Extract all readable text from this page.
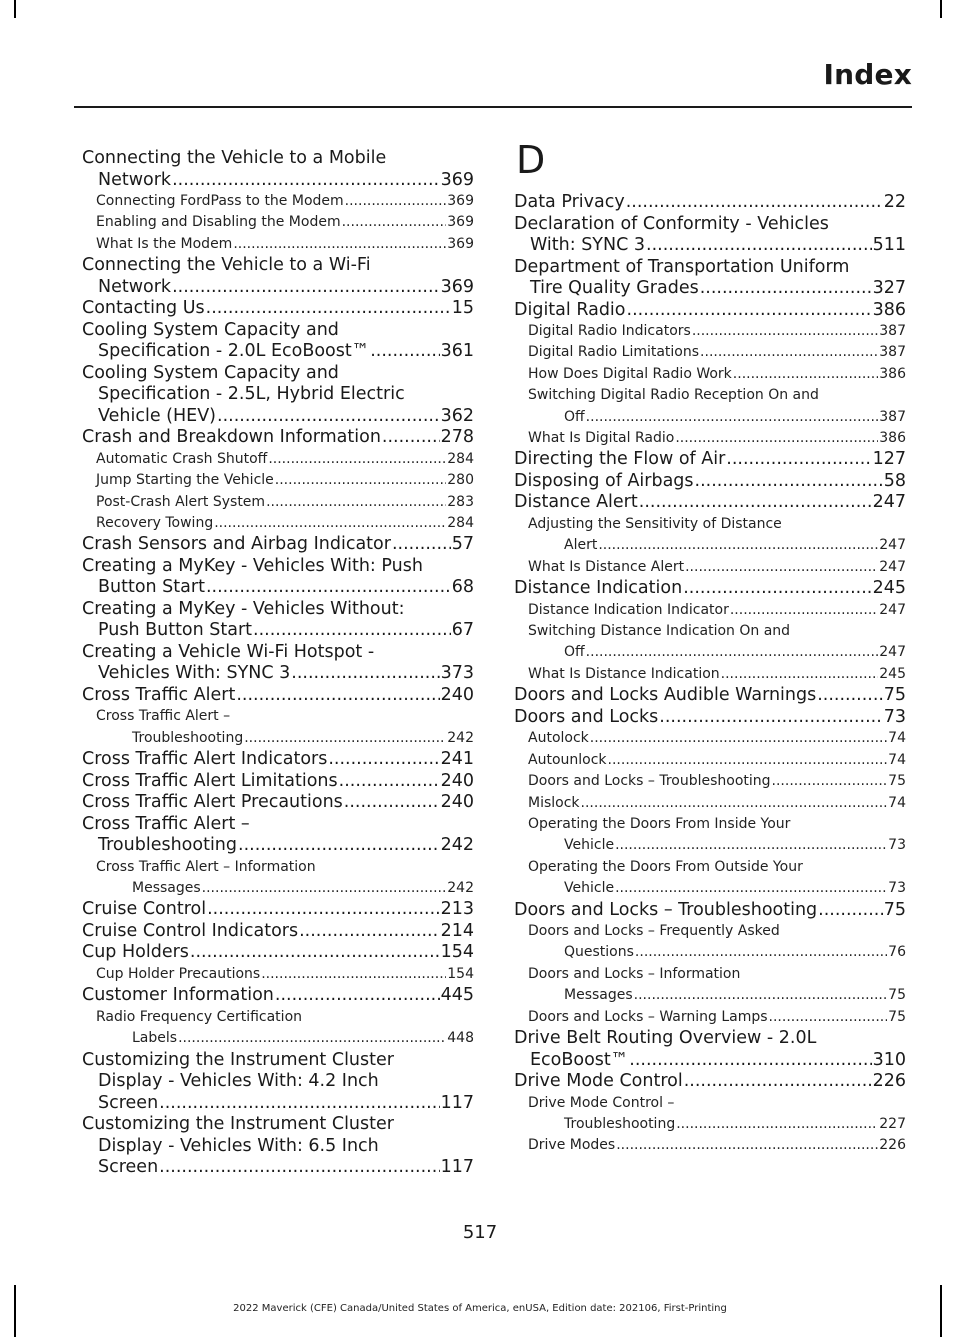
Index
Connecting the Vehicle to a Mobile
Network .....	369
Connecting FordPass to the Modem .....	369
Enabling and Disabling the Modem .....	369
What Is the Modem .....	369
Connecting the Vehicle to a Wi-Fi
Network .....	369
Contacting Us .....	15
Cooling System Capacity and
Specification - 2.0L EcoBoost™ .....	361
Cooling System Capacity and
Specification - 2.5L, Hybrid Electric
Vehicle (HEV) .....	362
Crash and Breakdown Information .....	278
Automatic Crash Shutoff .....	284
Jump Starting the Vehicle .....	280
Post-Crash Alert System .....	283
Recovery Towing .....	284
Crash Sensors and Airbag Indicator .....	57
Creating a MyKey - Vehicles With: Push
Button Start .....	68
Creating a MyKey - Vehicles Without:
Push Button Start .....	67
Creating a Vehicle Wi-Fi Hotspot -
Vehicles With: SYNC 3 .....	373
Cross Traffic Alert .....	240
Cross Traffic Alert –
Troubleshooting .....	242
Cross Traffic Alert Indicators .....	241
Cross Traffic Alert Limitations .....	240
Cross Traffic Alert Precautions .....	240
Cross Traffic Alert –
Troubleshooting .....	242
Cross Traffic Alert – Information
Messages .....	242
Cruise Control .....	213
Cruise Control Indicators .....	214
Cup Holders .....	154
Cup Holder Precautions .....	154
Customer Information .....	445
Radio Frequency Certification
Labels .....	448
Customizing the Instrument Cluster
Display - Vehicles With: 4.2 Inch
Screen .....	117
Customizing the Instrument Cluster
Display - Vehicles With: 6.5 Inch
Screen .....	117
D
Data Privacy .....	22
Declaration of Conformity - Vehicles
With: SYNC 3 .....	511
Department of Transportation Uniform
Tire Quality Grades .....	327
Digital Radio .....	386
Digital Radio Indicators .....	387
Digital Radio Limitations .....	387
How Does Digital Radio Work .....	386
Switching Digital Radio Reception On and
Off .....	387
What Is Digital Radio .....	386
Directing the Flow of Air .....	127
Disposing of Airbags .....	58
Distance Alert .....	247
Adjusting the Sensitivity of Distance
Alert .....	247
What Is Distance Alert .....	247
Distance Indication .....	245
Distance Indication Indicator .....	247
Switching Distance Indication On and
Off .....	247
What Is Distance Indication .....	245
Doors and Locks Audible Warnings .....	75
Doors and Locks .....	73
Autolock .....	74
Autounlock .....	74
Doors and Locks – Troubleshooting .....	75
Mislock .....	74
Operating the Doors From Inside Your
Vehicle .....	73
Operating the Doors From Outside Your
Vehicle .....	73
Doors and Locks – Troubleshooting .....	75
Doors and Locks – Frequently Asked
Questions .....	76
Doors and Locks – Information
Messages .....	75
Doors and Locks – Warning Lamps .....	75
Drive Belt Routing Overview - 2.0L
EcoBoost™ .....	310
Drive Mode Control .....	226
Drive Mode Control –
Troubleshooting .....	227
Drive Modes .....	226
517
2022 Maverick (CFE) Canada/United States of America, enUSA, Edition date: 202106, First-Printing
